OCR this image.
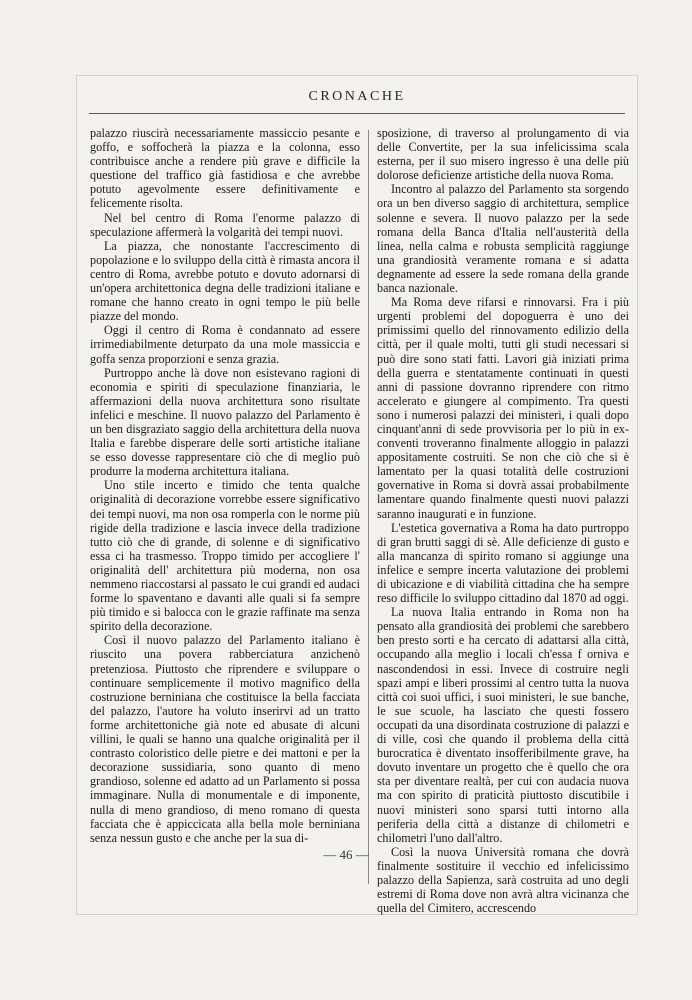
CRONACHE

palazzo riuscirà necessariamente massiccio pesante e goffo, e soffocherà la piazza e la colonna, esso contribuisce anche a rendere più grave e difficile la questione del traffico già fastidiosa e che avrebbe potuto agevolmente essere definitivamente e felicemente risolta.

Nel bel centro di Roma l'enorme palazzo di speculazione affermerà la volgarità dei tempi nuovi.

La piazza, che nonostante l'accrescimento di popolazione e lo sviluppo della città è rimasta ancora il centro di Roma, avrebbe potuto e dovuto adornarsi di un'opera architettonica degna delle tradizioni italiane e romane che hanno creato in ogni tempo le più belle piazze del mondo.

Oggi il centro di Roma è condannato ad essere irrimediabilmente deturpato da una mole massiccia e goffa senza proporzioni e senza grazia.

Purtroppo anche là dove non esistevano ragioni di economia e spiriti di speculazione finanziaria, le affermazioni della nuova architettura sono risultate infelici e meschine. Il nuovo palazzo del Parlamento è un ben disgraziato saggio della architettura della nuova Italia e farebbe disperare delle sorti artistiche italiane se esso dovesse rappresentare ciò che di meglio può produrre la moderna architettura italiana.

Uno stile incerto e timido che tenta qualche originalità di decorazione vorrebbe essere significativo dei tempi nuovi, ma non osa romperla con le norme più rigide della tradizione e lascia invece della tradizione tutto ciò che di grande, di solenne e di significativo essa ci ha trasmesso. Troppo timido per accogliere l' originalità dell' architettura più moderna, non osa nemmeno riaccostarsi al passato le cui grandi ed audaci forme lo spaventano e davanti alle quali si fa sempre più timido e si balocca con le grazie raffinate ma senza spirito della decorazione.

Così il nuovo palazzo del Parlamento italiano è riuscito una povera rabberciatura anzichenò pretenziosa. Piuttosto che riprendere e sviluppare o continuare semplicemente il motivo magnifico della costruzione berniniana che costituisce la bella facciata del palazzo, l'autore ha voluto inserirvi ad un tratto forme architettoniche già note ed abusate di alcuni villini, le quali se hanno una qualche originalità per il contrasto coloristico delle pietre e dei mattoni e per la decorazione sussidiaria, sono quanto di meno grandioso, solenne ed adatto ad un Parlamento si possa immaginare. Nulla di monumentale e di imponente, nulla di meno grandioso, di meno romano di questa facciata che è appiccicata alla bella mole berniniana senza nessun gusto e che anche per la sua di-

sposizione, di traverso al prolungamento di via delle Convertite, per la sua infelicissima scala esterna, per il suo misero ingresso è una delle più dolorose deficienze artistiche della nuova Roma.

Incontro al palazzo del Parlamento sta sorgendo ora un ben diverso saggio di architettura, semplice solenne e severa. Il nuovo palazzo per la sede romana della Banca d'Italia nell'austerità della linea, nella calma e robusta semplicità raggiunge una grandiosità veramente romana e si adatta degnamente ad essere la sede romana della grande banca nazionale.

Ma Roma deve rifarsi e rinnovarsi. Fra i più urgenti problemi del dopoguerra è uno dei primissimi quello del rinnovamento edilizio della città, per il quale molti, tutti gli studi necessari si può dire sono stati fatti. Lavori già iniziati prima della guerra e stentatamente continuati in questi anni di passione dovranno riprendere con ritmo accelerato e giungere al compimento. Tra questi sono i numerosi palazzi dei ministeri, i quali dopo cinquant'anni di sede provvisoria per lo più in ex-conventi troveranno finalmente alloggio in palazzi appositamente costruiti. Se non che ciò che si è lamentato per la quasi totalità delle costruzioni governative in Roma si dovrà assai probabilmente lamentare quando finalmente questi nuovi palazzi saranno inaugurati e in funzione.

L'estetica governativa a Roma ha dato purtroppo di gran brutti saggi di sè. Alle deficienze di gusto e alla mancanza di spirito romano si aggiunge una infelice e sempre incerta valutazione dei problemi di ubicazione e di viabilità cittadina che ha sempre reso difficile lo sviluppo cittadino dal 1870 ad oggi.

La nuova Italia entrando in Roma non ha pensato alla grandiosità dei problemi che sarebbero ben presto sorti e ha cercato di adattarsi alla città, occupando alla meglio i locali ch'essa f orniva e nascondendosi in essi. Invece di costruire negli spazi ampi e liberi prossimi al centro tutta la nuova città coi suoi uffici, i suoi ministeri, le sue banche, le sue scuole, ha lasciato che questi fossero occupati da una disordinata costruzione di palazzi e di ville, così che quando il problema della città burocratica è diventato insofferibilmente grave, ha dovuto inventare un progetto che è quello che ora sta per diventare realtà, per cui con audacia nuova ma con spirito di praticità piuttosto discutibile i nuovi ministeri sono sparsi tutti intorno alla periferia della città a distanze di chilometri e chilometri l'uno dall'altro.

Così la nuova Università romana che dovrà finalmente sostituire il vecchio ed infelicissimo palazzo della Sapienza, sarà costruita ad uno degli estremi di Roma dove non avrà altra vicinanza che quella del Cimitero, accrescendo

— 46 —
